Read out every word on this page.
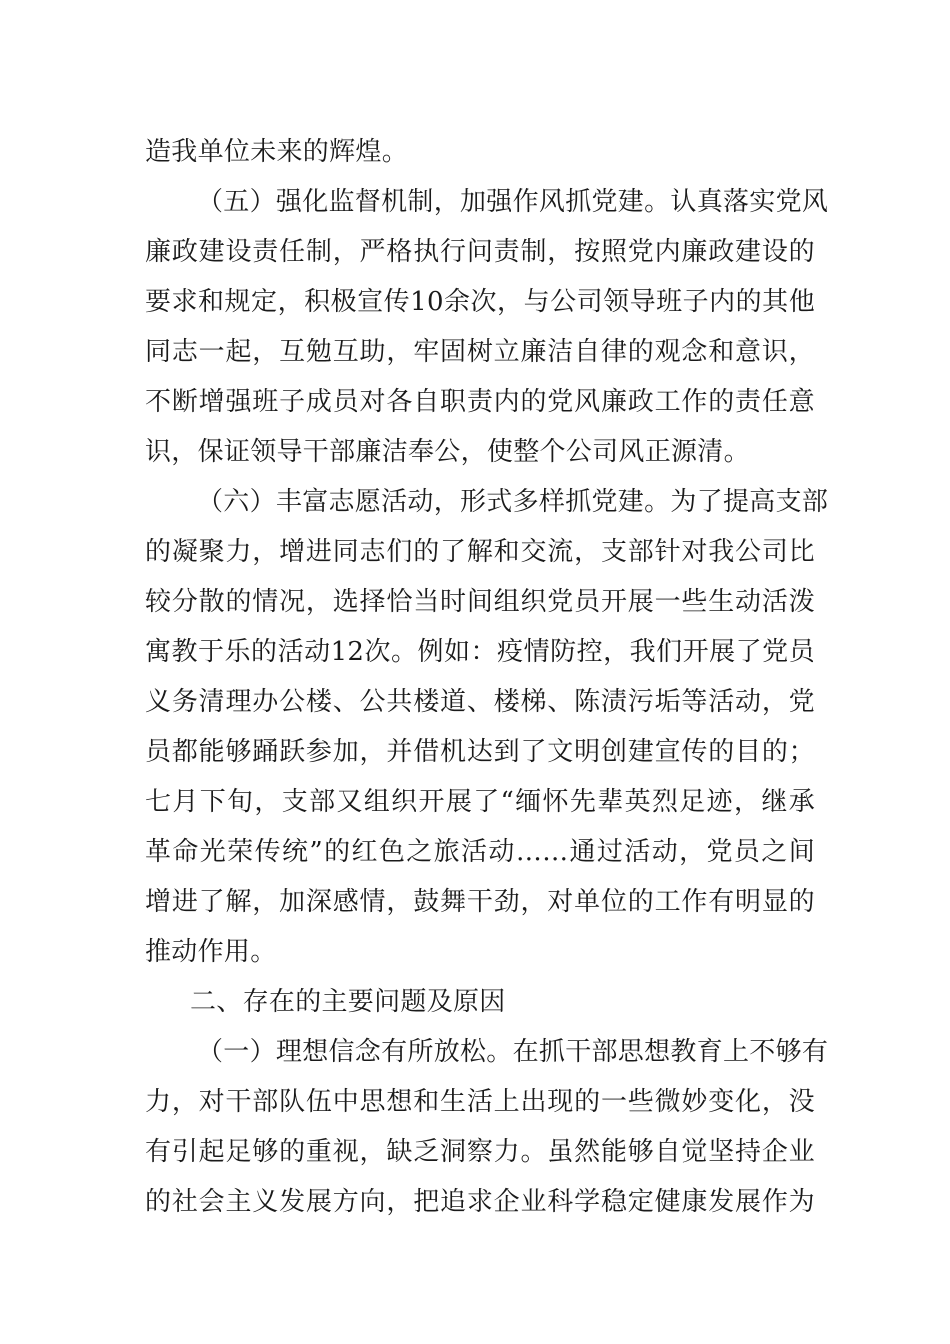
造我单位未来的辉煌。
（五）强化监督机制，加强作风抓党建。认真落实党风
廉政建设责任制，严格执行问责制，按照党内廉政建设的
要求和规定，积极宣传10余次，与公司领导班子内的其他
同志一起，互勉互助，牢固树立廉洁自律的观念和意识，
不断增强班子成员对各自职责内的党风廉政工作的责任意
识，保证领导干部廉洁奉公，使整个公司风正源清。
（六）丰富志愿活动，形式多样抓党建。为了提高支部
的凝聚力，增进同志们的了解和交流，支部针对我公司比
较分散的情况，选择恰当时间组织党员开展一些生动活泼
寓教于乐的活动12次。例如：疫情防控，我们开展了党员
义务清理办公楼、公共楼道、楼梯、陈渍污垢等活动，党
员都能够踊跃参加，并借机达到了文明创建宣传的目的；
七月下旬，支部又组织开展了“缅怀先辈英烈足迹，继承
革命光荣传统”的红色之旅活动……通过活动，党员之间
增进了解，加深感情，鼓舞干劲，对单位的工作有明显的
推动作用。
二、存在的主要问题及原因
（一）理想信念有所放松。在抓干部思想教育上不够有
力，对干部队伍中思想和生活上出现的一些微妙变化，没
有引起足够的重视，缺乏洞察力。虽然能够自觉坚持企业
的社会主义发展方向，把追求企业科学稳定健康发展作为
